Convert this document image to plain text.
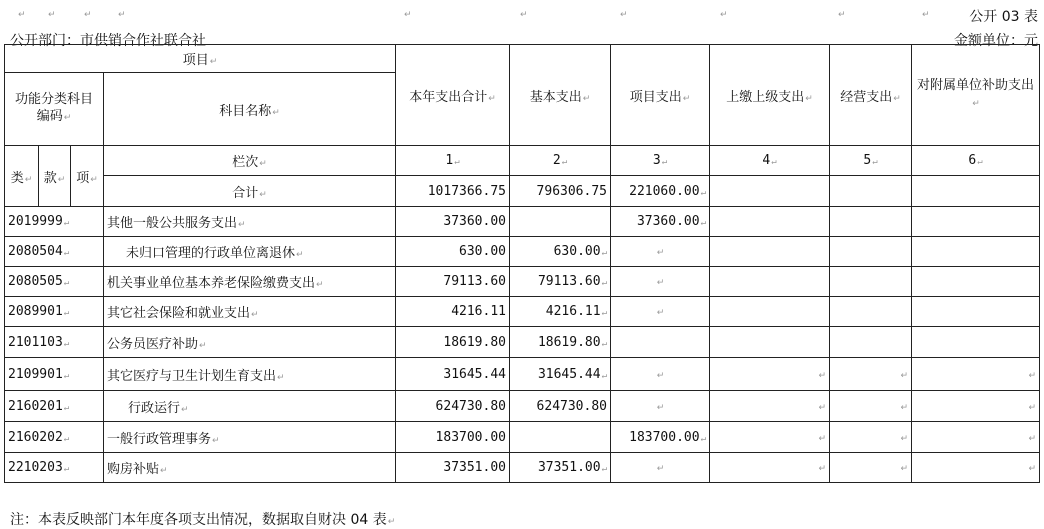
↵ ↵	↵	↵	↵	↵	↵	↵	↵	↵	公开 03 表
公开部门：市供销合作社联合社	金额单位：元
项目↵				本年支出合计↵	基本支出↵	项目支出↵	上缴上级支出↵	经营支出↵	对附属单位补助支出↵
功能分类科目编码↵			科目名称↵						
类↵	款↵	项↵	栏次↵	1↵	2↵	3↵	4↵	5↵	6↵
			合计↵	1017366.75	796306.75	221060.00↵			
2019999↵			其他一般公共服务支出↵	37360.00		37360.00↵			
2080504↵			未归口管理的行政单位离退休↵	630.00	630.00↵	↵			
2080505↵			机关事业单位基本养老保险缴费支出↵	79113.60	79113.60↵	↵			
2089901↵			其它社会保险和就业支出↵	4216.11	4216.11↵	↵			
2101103↵			公务员医疗补助↵	18619.80	18619.80↵				
2109901↵			其它医疗与卫生计划生育支出↵	31645.44	31645.44↵	↵	↵	↵	↵
2160201↵			行政运行↵	624730.80	624730.80	↵	↵	↵	↵
2160202↵			一般行政管理事务↵	183700.00		183700.00↵	↵	↵	↵
2210203↵			购房补贴↵	37351.00	37351.00↵	↵	↵	↵	↵
注：本表反映部门本年度各项支出情况，数据取自财决 04 表↵
